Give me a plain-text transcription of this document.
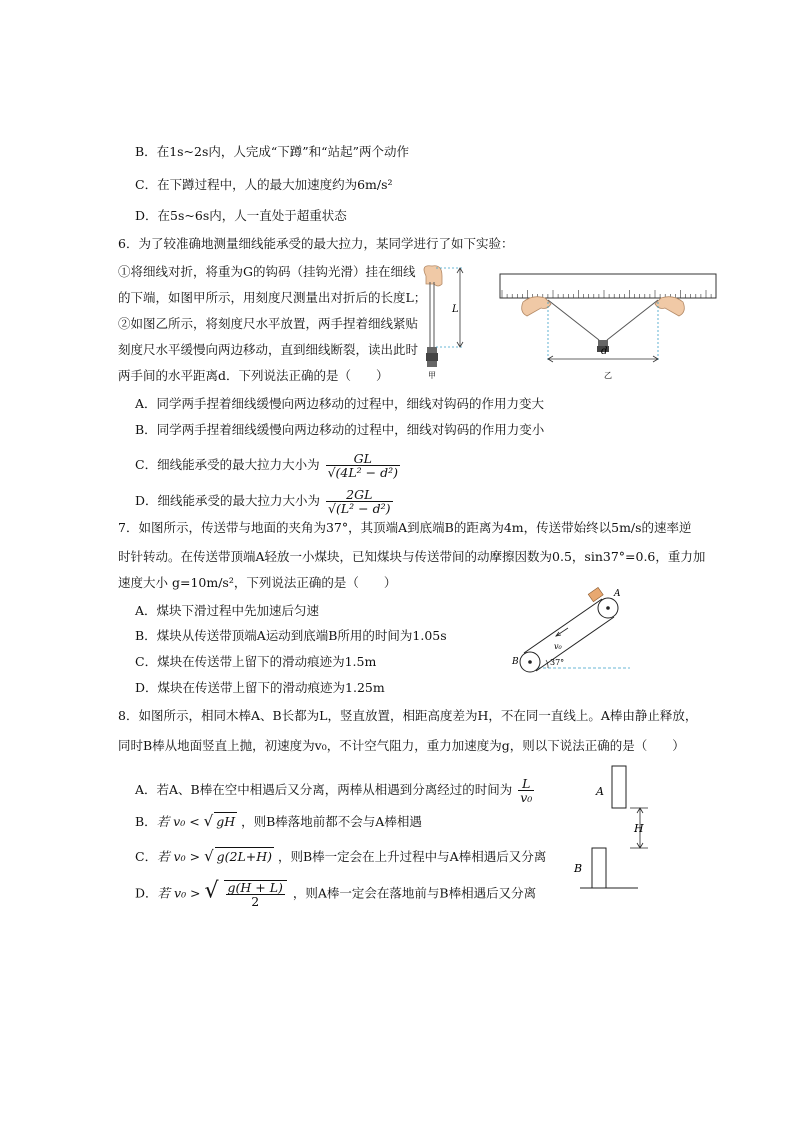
B．在1s~2s内，人完成“下蹲”和“站起”两个动作
C．在下蹲过程中，人的最大加速度约为6m/s²
D．在5s~6s内，人一直处于超重状态
6．为了较准确地测量细线能承受的最大拉力，某同学进行了如下实验：
①将细线对折，将重为G的钩码（挂钩光滑）挂在细线
的下端，如图甲所示，用刻度尺测量出对折后的长度L；
②如图乙所示，将刻度尺水平放置，两手捏着细线紧贴
刻度尺水平缓慢向两边移动，直到细线断裂，读出此时
两手间的水平距离d．下列说法正确的是（　　）
L
甲
d
乙
A．同学两手捏着细线缓慢向两边移动的过程中，细线对钩码的作用力变大
B．同学两手捏着细线缓慢向两边移动的过程中，细线对钩码的作用力变小
C．细线能承受的最大拉力大小为 $\frac{GL}{\text{√(4L² − d²)}}$
D．细线能承受的最大拉力大小为 $\frac{2GL}{\text{√(L² − d²)}}$
7．如图所示，传送带与地面的夹角为37°，其顶端A到底端B的距离为4m，传送带始终以5m/s的速率逆
时针转动。在传送带顶端A轻放一小煤块，已知煤块与传送带间的动摩擦因数为0.5，sin37°=0.6，重力加
速度大小 g=10m/s²，下列说法正确的是（　　）
A
B
v₀
37°
A．煤块下滑过程中先加速后匀速
B．煤块从传送带顶端A运动到底端B所用的时间为1.05s
C．煤块在传送带上留下的滑动痕迹为1.5m
D．煤块在传送带上留下的滑动痕迹为1.25m
8．如图所示，相同木棒A、B长都为L，竖直放置，相距高度差为H，不在同一直线上。A棒由静止释放，
同时B棒从地面竖直上抛，初速度为v₀，不计空气阻力，重力加速度为g，则以下说法正确的是（　　）
A
H
B
A．若A、B棒在空中相遇后又分离，两棒从相遇到分离经过的时间为 $\frac{L}{\text{v₀}}$
B．若 v₀ < √ gH ，则B棒落地前都不会与A棒相遇
C．若 v₀ > √ g(2L+H) ，则B棒一定会在上升过程中与A棒相遇后又分离
D．若 v₀ > √ $\frac{g(H + L)}{2}$ ，则A棒一定会在落地前与B棒相遇后又分离
